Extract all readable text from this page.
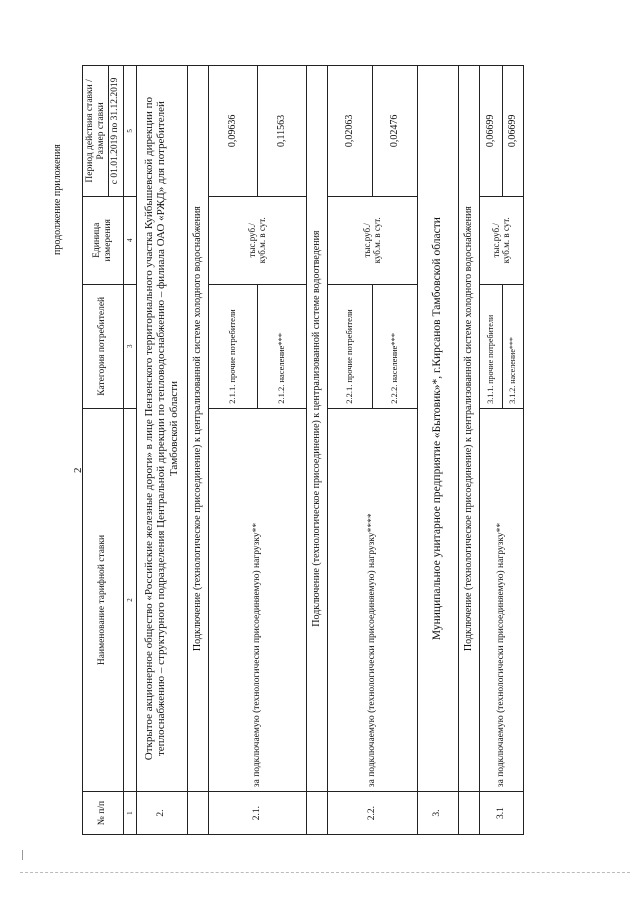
2
продолжение приложения
№ п/п	Наименование тарифной ставки	Категория потребителей	Единица измерения	Период действия ставки /Размер ставки с 01.01.2019 по 31.12.2019

1	2	3	4	5
2.	Открытое акционерное общество «Российские железные дороги» в лице Пензенского территориального участка Куйбышевской дирекции по теплоснабжению – структурного подразделения Центральной дирекции по тепловодоснабжению – филиала ОАО «РЖД» для потребителей Тамбовской области			
	Подключение (технологическое присоединение) к централизованной системе холодного водоснабжения			
2.1.	за подключаемую (технологически присоединяемую) нагрузку**	2.1.1. прочие потребители	тыс.руб./ куб.м. в сут.	0,09636
		2.1.2. население***		0,11563
	Подключение (технологическое присоединение) к централизованной системе водоотведения			
2.2.	за подключаемую (технологически присоединяемую) нагрузку****	2.2.1. прочие потребители	тыс.руб./ куб.м. в сут.	0,02063
		2.2.2. население***		0,02476
3.	Муниципальное унитарное предприятие «Бытовик»*, г.Кирсанов Тамбовской области			
	Подключение (технологическое присоединение) к централизованной системе холодного водоснабжения			
3.1	за подключаемую (технологически присоединяемую) нагрузку**	3.1.1. прочие потребители	тыс.руб./ куб.м. в сут.	0,06699
		3.1.2. население***		0,06699
